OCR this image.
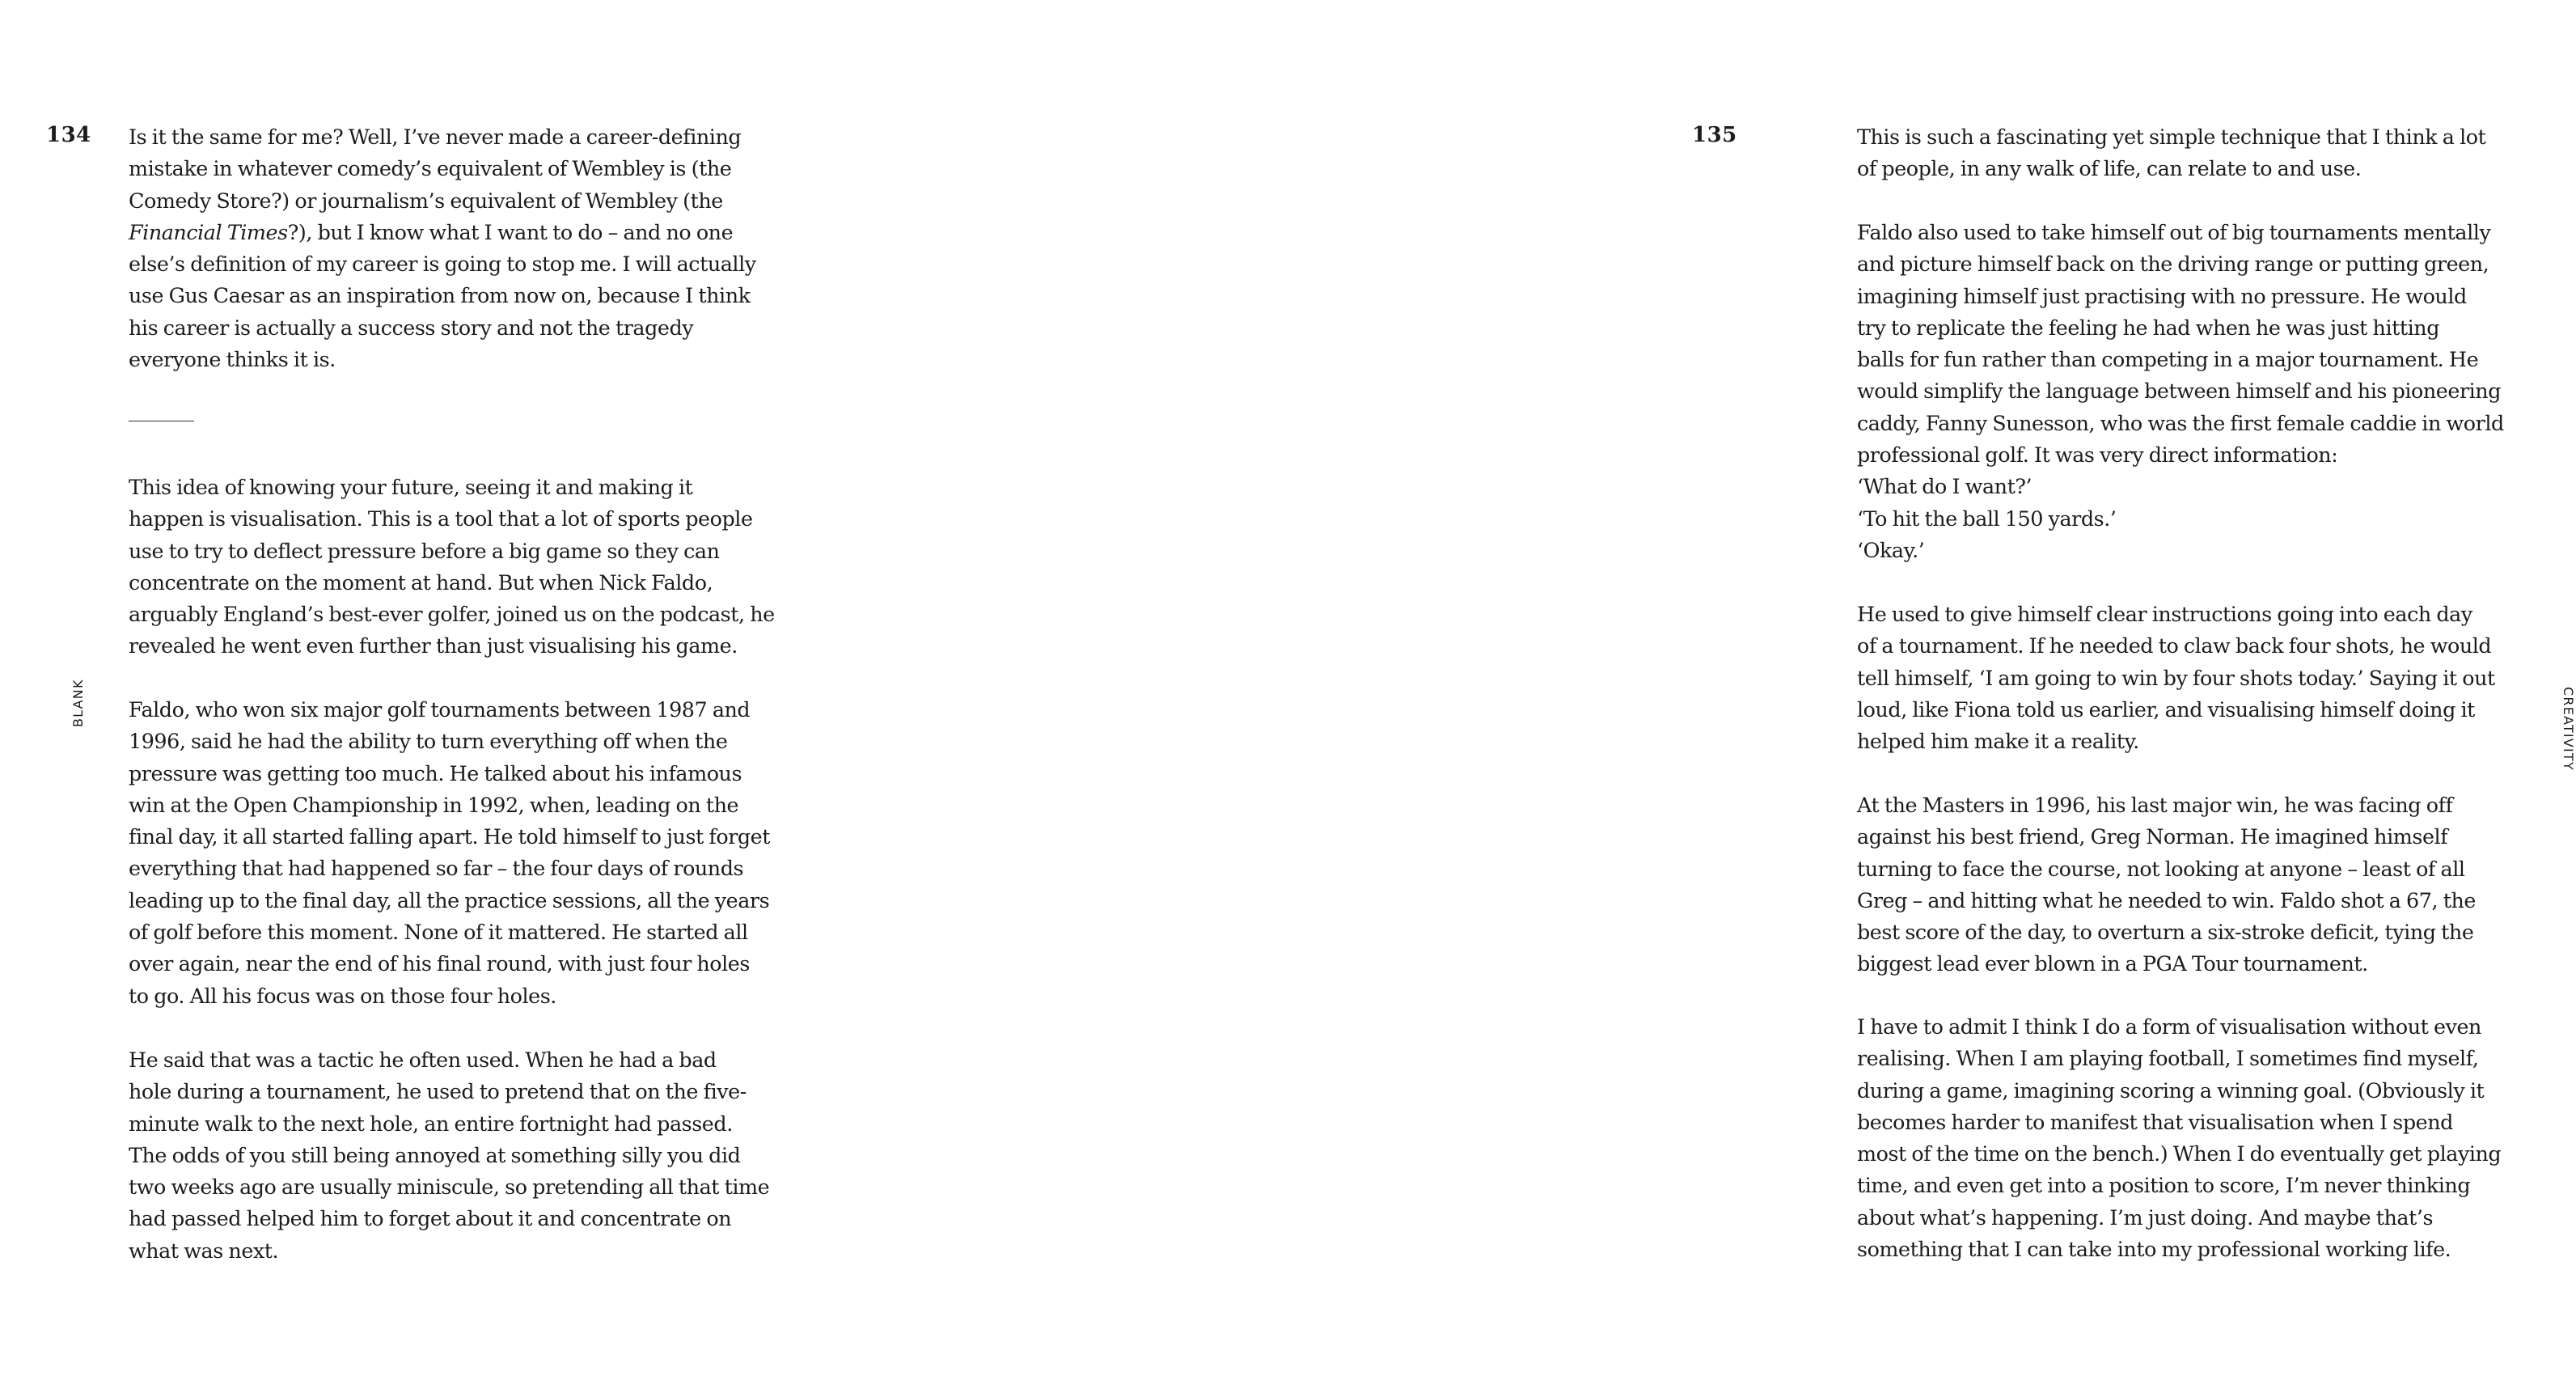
134
BLANK
Is it the same for me? Well, I’ve never made a career-defining
mistake in whatever comedy’s equivalent of Wembley is (the
Comedy Store?) or journalism’s equivalent of Wembley (the
Financial Times?), but I know what I want to do – and no one
else’s definition of my career is going to stop me. I will actually
use Gus Caesar as an inspiration from now on, because I think
his career is actually a success story and not the tragedy
everyone thinks it is.
This idea of knowing your future, seeing it and making it
happen is visualisation. This is a tool that a lot of sports people
use to try to deflect pressure before a big game so they can
concentrate on the moment at hand. But when Nick Faldo,
arguably England’s best-ever golfer, joined us on the podcast, he
revealed he went even further than just visualising his game.
Faldo, who won six major golf tournaments between 1987 and
1996, said he had the ability to turn everything off when the
pressure was getting too much. He talked about his infamous
win at the Open Championship in 1992, when, leading on the
final day, it all started falling apart. He told himself to just forget
everything that had happened so far – the four days of rounds
leading up to the final day, all the practice sessions, all the years
of golf before this moment. None of it mattered. He started all
over again, near the end of his final round, with just four holes
to go. All his focus was on those four holes.
He said that was a tactic he often used. When he had a bad
hole during a tournament, he used to pretend that on the five-
minute walk to the next hole, an entire fortnight had passed.
The odds of you still being annoyed at something silly you did
two weeks ago are usually miniscule, so pretending all that time
had passed helped him to forget about it and concentrate on
what was next.
135
CREATIVITY
This is such a fascinating yet simple technique that I think a lot
of people, in any walk of life, can relate to and use.
Faldo also used to take himself out of big tournaments mentally
and picture himself back on the driving range or putting green,
imagining himself just practising with no pressure. He would
try to replicate the feeling he had when he was just hitting
balls for fun rather than competing in a major tournament. He
would simplify the language between himself and his pioneering
caddy, Fanny Sunesson, who was the first female caddie in world
professional golf. It was very direct information:
‘What do I want?’
‘To hit the ball 150 yards.’
‘Okay.’
He used to give himself clear instructions going into each day
of a tournament. If he needed to claw back four shots, he would
tell himself, ‘I am going to win by four shots today.’ Saying it out
loud, like Fiona told us earlier, and visualising himself doing it
helped him make it a reality.
At the Masters in 1996, his last major win, he was facing off
against his best friend, Greg Norman. He imagined himself
turning to face the course, not looking at anyone – least of all
Greg – and hitting what he needed to win. Faldo shot a 67, the
best score of the day, to overturn a six-stroke deficit, tying the
biggest lead ever blown in a PGA Tour tournament.
I have to admit I think I do a form of visualisation without even
realising. When I am playing football, I sometimes find myself,
during a game, imagining scoring a winning goal. (Obviously it
becomes harder to manifest that visualisation when I spend
most of the time on the bench.) When I do eventually get playing
time, and even get into a position to score, I’m never thinking
about what’s happening. I’m just doing. And maybe that’s
something that I can take into my professional working life.
